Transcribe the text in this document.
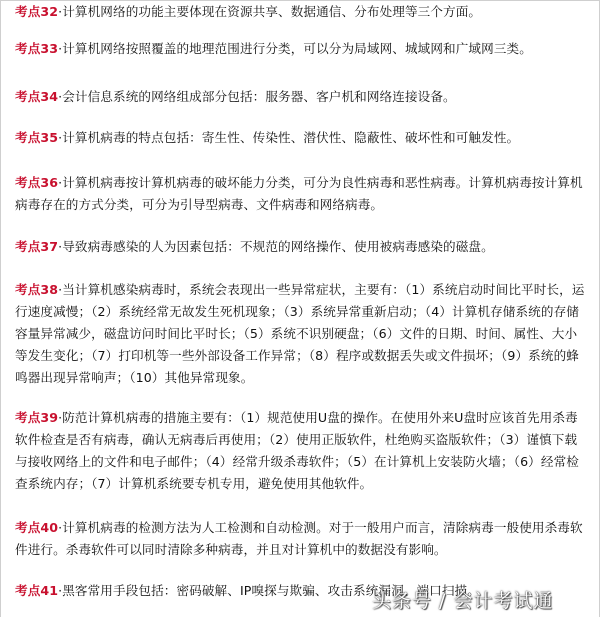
考点32·计算机网络的功能主要体现在资源共享、数据通信、分布处理等三个方面。

考点33·计算机网络按照覆盖的地理范围进行分类，可以分为局域网、城域网和广域网三类。

考点34·会计信息系统的网络组成部分包括：服务器、客户机和网络连接设备。

考点35·计算机病毒的特点包括：寄生性、传染性、潜伏性、隐蔽性、破坏性和可触发性。

考点36·计算机病毒按计算机病毒的破坏能力分类，可分为良性病毒和恶性病毒。计算机病毒按计算机病毒存在的方式分类，可分为引导型病毒、文件病毒和网络病毒。

考点37·导致病毒感染的人为因素包括：不规范的网络操作、使用被病毒感染的磁盘。

考点38·当计算机感染病毒时，系统会表现出一些异常症状，主要有：（1）系统启动时间比平时长，运行速度减慢；（2）系统经常无故发生死机现象；（3）系统异常重新启动；（4）计算机存储系统的存储容量异常减少，磁盘访问时间比平时长；（5）系统不识别硬盘；（6）文件的日期、时间、属性、大小等发生变化；（7）打印机等一些外部设备工作异常；（8）程序或数据丢失或文件损坏；（9）系统的蜂鸣器出现异常响声；（10）其他异常现象。

考点39·防范计算机病毒的措施主要有：（1）规范使用U盘的操作。在使用外来U盘时应该首先用杀毒软件检查是否有病毒，确认无病毒后再使用；（2）使用正版软件，杜绝购买盗版软件；（3）谨慎下载与接收网络上的文件和电子邮件；（4）经常升级杀毒软件；（5）在计算机上安装防火墙；（6）经常检查系统内存；（7）计算机系统要专机专用，避免使用其他软件。

考点40·计算机病毒的检测方法为人工检测和自动检测。对于一般用户而言，清除病毒一般使用杀毒软件进行。杀毒软件可以同时清除多种病毒，并且对计算机中的数据没有影响。

考点41·黑客常用手段包括：密码破解、IP嗅探与欺骗、攻击系统漏洞、端口扫描。

头条号 / 会计考试通
